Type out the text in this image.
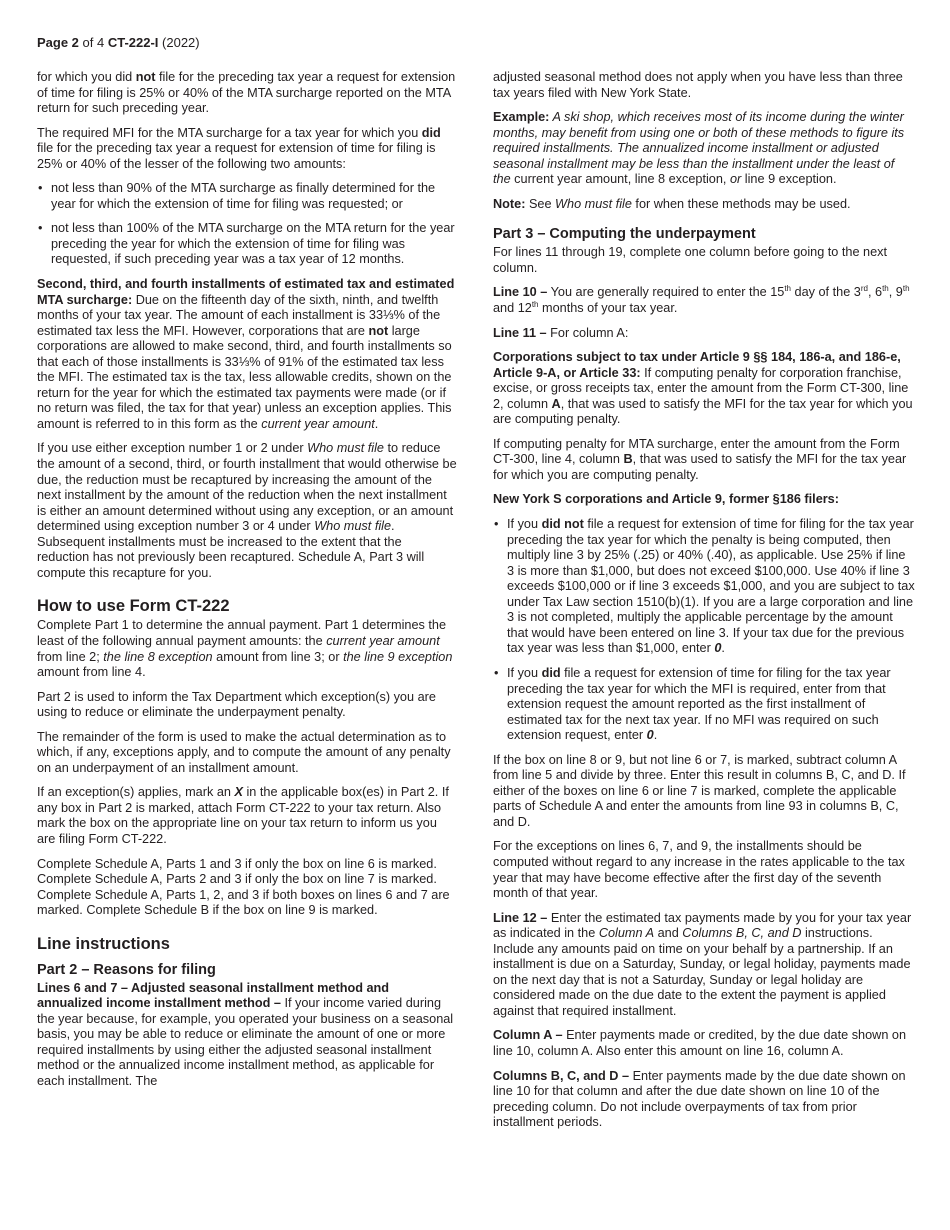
Page 2 of 4 CT-222-I (2022)

for which you did not file for the preceding tax year a request for extension of time for filing is 25% or 40% of the MTA surcharge reported on the MTA return for such preceding year.

The required MFI for the MTA surcharge for a tax year for which you did file for the preceding tax year a request for extension of time for filing is 25% or 40% of the lesser of the following two amounts:

• not less than 90% of the MTA surcharge as finally determined for the year for which the extension of time for filing was requested; or
• not less than 100% of the MTA surcharge on the MTA return for the year preceding the year for which the extension of time for filing was requested, if such preceding year was a tax year of 12 months.

Second, third, and fourth installments of estimated tax and estimated MTA surcharge: Due on the fifteenth day of the sixth, ninth, and twelfth months of your tax year. The amount of each installment is 33⅓% of the estimated tax less the MFI. However, corporations that are not large corporations are allowed to make second, third, and fourth installments so that each of those installments is 33⅓% of 91% of the estimated tax less the MFI. The estimated tax is the tax, less allowable credits, shown on the return for the year for which the estimated tax payments were made (or if no return was filed, the tax for that year) unless an exception applies. This amount is referred to in this form as the current year amount.

If you use either exception number 1 or 2 under Who must file to reduce the amount of a second, third, or fourth installment that would otherwise be due, the reduction must be recaptured by increasing the amount of the next installment by the amount of the reduction when the next installment is either an amount determined without using any exception, or an amount determined using exception number 3 or 4 under Who must file. Subsequent installments must be increased to the extent that the reduction has not previously been recaptured. Schedule A, Part 3 will compute this recapture for you.

How to use Form CT-222

Complete Part 1 to determine the annual payment. Part 1 determines the least of the following annual payment amounts: the current year amount from line 2; the line 8 exception amount from line 3; or the line 9 exception amount from line 4.

Part 2 is used to inform the Tax Department which exception(s) you are using to reduce or eliminate the underpayment penalty.

The remainder of the form is used to make the actual determination as to which, if any, exceptions apply, and to compute the amount of any penalty on an underpayment of an installment amount.

If an exception(s) applies, mark an X in the applicable box(es) in Part 2. If any box in Part 2 is marked, attach Form CT-222 to your tax return. Also mark the box on the appropriate line on your tax return to inform us you are filing Form CT-222.

Complete Schedule A, Parts 1 and 3 if only the box on line 6 is marked. Complete Schedule A, Parts 2 and 3 if only the box on line 7 is marked. Complete Schedule A, Parts 1, 2, and 3 if both boxes on lines 6 and 7 are marked. Complete Schedule B if the box on line 9 is marked.

Line instructions
Part 2 – Reasons for filing

Lines 6 and 7 – Adjusted seasonal installment method and annualized income installment method – If your income varied during the year because, for example, you operated your business on a seasonal basis, you may be able to reduce or eliminate the amount of one or more required installments by using either the adjusted seasonal installment method or the annualized income installment method, as applicable for each installment. The

adjusted seasonal method does not apply when you have less than three tax years filed with New York State.

Example: A ski shop, which receives most of its income during the winter months, may benefit from using one or both of these methods to figure its required installments. The annualized income installment or adjusted seasonal installment may be less than the installment under the least of the current year amount, line 8 exception, or line 9 exception.

Note: See Who must file for when these methods may be used.

Part 3 – Computing the underpayment

For lines 11 through 19, complete one column before going to the next column.

Line 10 – You are generally required to enter the 15th day of the 3rd, 6th, 9th and 12th months of your tax year.

Line 11 – For column A:

Corporations subject to tax under Article 9 §§ 184, 186-a, and 186-e, Article 9-A, or Article 33: If computing penalty for corporation franchise, excise, or gross receipts tax, enter the amount from the Form CT-300, line 2, column A, that was used to satisfy the MFI for the tax year for which you are computing penalty.

If computing penalty for MTA surcharge, enter the amount from the Form CT-300, line 4, column B, that was used to satisfy the MFI for the tax year for which you are computing penalty.

New York S corporations and Article 9, former §186 filers:

• If you did not file a request for extension of time for filing for the tax year preceding the tax year for which the penalty is being computed, then multiply line 3 by 25% (.25) or 40% (.40), as applicable. Use 25% if line 3 is more than $1,000, but does not exceed $100,000. Use 40% if line 3 exceeds $100,000 or if line 3 exceeds $1,000, and you are subject to tax under Tax Law section 1510(b)(1). If you are a large corporation and line 3 is not completed, multiply the applicable percentage by the amount that would have been entered on line 3. If your tax due for the previous tax year was less than $1,000, enter 0.
• If you did file a request for extension of time for filing for the tax year preceding the tax year for which the MFI is required, enter from that extension request the amount reported as the first installment of estimated tax for the next tax year. If no MFI was required on such extension request, enter 0.

If the box on line 8 or 9, but not line 6 or 7, is marked, subtract column A from line 5 and divide by three. Enter this result in columns B, C, and D. If either of the boxes on line 6 or line 7 is marked, complete the applicable parts of Schedule A and enter the amounts from line 93 in columns B, C, and D.

For the exceptions on lines 6, 7, and 9, the installments should be computed without regard to any increase in the rates applicable to the tax year that may have become effective after the first day of the seventh month of that year.

Line 12 – Enter the estimated tax payments made by you for your tax year as indicated in the Column A and Columns B, C, and D instructions. Include any amounts paid on time on your behalf by a partnership. If an installment is due on a Saturday, Sunday, or legal holiday, payments made on the next day that is not a Saturday, Sunday or legal holiday are considered made on the due date to the extent the payment is applied against that required installment.

Column A – Enter payments made or credited, by the due date shown on line 10, column A. Also enter this amount on line 16, column A.

Columns B, C, and D – Enter payments made by the due date shown on line 10 for that column and after the due date shown on line 10 of the preceding column. Do not include overpayments of tax from prior installment periods.
